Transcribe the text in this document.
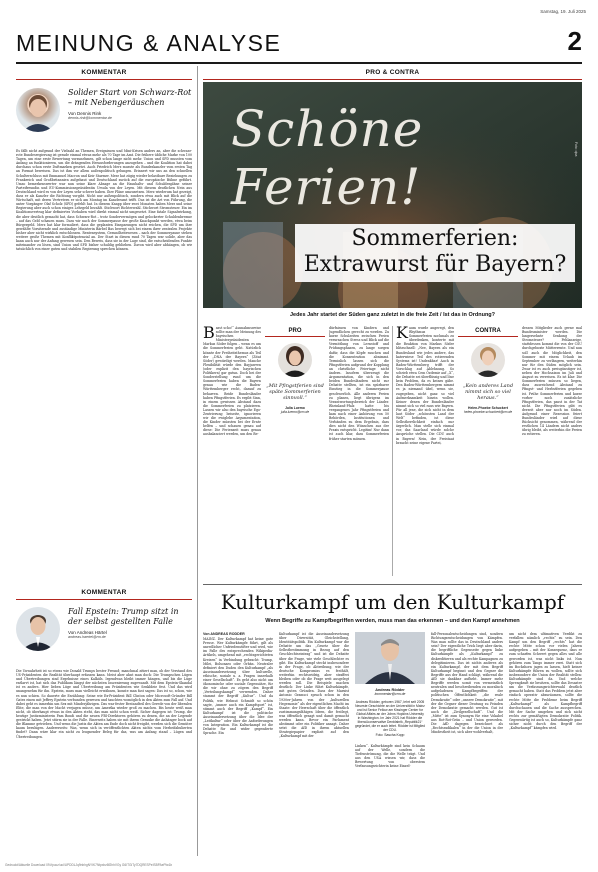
Samstag, 19. Juli 2025
MEINUNG & ANALYSE	2
KOMMENTAR
Solider Start von Schwarz-Rot – mit Nebengeräuschen
Von Dennis Rink
dennis.rink@kommentar.de
Es fällt nicht aufgrund der Vielzahl an Themen, Ereignissen und Mini-Krisen anders an, aber die schwarz-rote Bundesregierung ist gerade einmal etwas mehr als 70 Tage im Amt. Die frühere übliche Marke von 100 Tagen, um eine erste Bewertung vorzunehmen, gilt schon lange nicht mehr. Union und SPD mussten vom Anfang an funktionieren, um die drängenden Herausforderungen anzugehen – und die Koalition hat dabei durchaus schon erste Duftmarken gesetzt. Auch Friedrich Merz musste als Bundeskanzler vom ersten Tag an Format beweisen. Das ist ihm vor allem außenpolitisch gelungen. Erinnert wir uns an den schnellen Schulterschluss mit Emmanuel Macron und Keir Starmer. Merz hat zügig wieder belastbare Beziehungen zu Frankreich und Großbritannien aufgebaut und Deutschland zurück auf die europäische Bühne geführt. Umso bemerkenswerter war nun seine klare Absage an die Haushalts- und Schuldenpläne seiner Parteifreundin und EU-Kommissionspräsidentin Ursula von der Leyen. Mit diesem deutlichen Nein aus Deutschland wird es von der Leyen sehr schwer haben. Ihre Pläne umzusetzen. Merz wiederum hat gezeigt, dass er als Kanzler die Richtung vorgibt. Nicht nur außenpolitisch, sondern etwa auch mit Blick auf die Wirtschaft, mit deren Vertretern er sich am Montag im Kanzleramt trifft. Das ist die Art von Führung, die unter Vorgänger Olaf Scholz (SPD) gefehlt hat. In diesem Knapp über zwei Monaten haben Merz und seine Regierung aber auch schon einiges Lehrgeld bezahlt. Stichwort Richterwahl. Stichwort Stromsteuer. Ein im Koalitionsvertrag klar definiertes Vorhaben wird direkt einmal nicht umgesetzt. Eine fatale Signalwirkung, die aber deutlich gemacht hat, dass Schwarz-Rot – trotz Sondervermögen und gelockerter Schuldenbremse – auf das Geld schauen muss. Dass wir nach der Sommerpause der große Knackpunkt werden, etwa beim Bürgergeld. Merz hat klar formuliert, dass die geplanten Einsparungen nicht reichen, die SPD um ihre gewählte Vorsitzende und zuständige Ministerin Bärbel Bas bewegt sich bei einem ihrer zentralen Projekte bisher aber nicht wirklich entschlossen. Rentensystem, Gesundheitswesen – nach der Sommerpause stehen weitere große Themen mit Konfliktpotenzial an. Der Start in diesen rund 70 Tagen war solide, aber das kann auch nur der Anfang gewesen sein. Den Beweis, dass sie in der Lage sind, die entscheidenden Punkte miteinander zu lösen, sind Union und SPD bisher schuldig geblieben. Davon wird aber abhängen, ob wir tatsächlich von einer guten und stabilen Regierung sprechen können.
KOMMENTAR
Fall Epstein: Trump sitzt in der selbst gestellten Falle
Von Andreas Härtel
andreas.haertel@rm.de
Die Unwahrheit ist so etwas wie Donald Trumps bester Freund; manchmal zitiert man, ob der Verstand des US-Präsidenten die Realität überhaupt erfassen kann. Meist aber ahnt man doch: Die Trumpschen Lügen und Übertreibungen sind Ergebnisse eines Kalküls. Irgendwas bleibt immer hängen, und bis die Lüge entlarvt ist, hat sich das Publikum längst der nächsten Inszenierung zugewandt. Mit dem Epstein-Skandal ist es anders. Hier lieben Lüge und Übertreibung am Präsidenten wie Senkbleie fest. Und das wird unangenehm für ihn. Epstein, muss man vielleicht erwähnen, konnte man fast sagen: Das ist so, schon, wie es nun schien. So dauerte die Erzählung: Seine wie Ex-Präsident Bill Clinton oder Microsoft-Gründer Bill Gates einen mit Jeffrey Epstein verbunden gewesen und tauchten womöglich in den Akten zum Fall auf. Und dabei geht es inmerhin um Sex mit Minderjährigen. Das war fester Bestandteil des Gerede von der liberalen Elite, die man von der Macht verjagen müsse, um Amerika wieder groß zu machen. Bis heute weiß man nicht, ob überhaupt etwas in den Akten steht, das man nicht schon weiß. Sicher dagegen ist: Trump, die heutige Justizministerin Pam Bondi und die neuen FBI-Direktoren gehören zu denen, die an der Legende gestrickt haben. Jetzt stürm sie in der Falle. Einerseits haben sie mit ihrem Gerauke die Anhänger bock auf die Blamme getrieben. Und wenn die Justiz die Akten am Ende doch nicht freigibt, werden sich die Gemüter kaum beruhigen. Andererseits: Was, wenn sich in veröffentlichten Akten nichts vom Herbeifabulierten findet? Dann wäre klar ein nicht zu leugnender Beleg für das, was am Anfang stand – Lügen und Übertreibungen.
PRO & CONTRA
Schöne Ferien!
Foto: dpa
Sommerferien:
Extrawurst für Bayern?
Jedes Jahr startet der Süden ganz zuletzt in die freie Zeit / Ist das in Ordnung?
Basst scho!“ Ausnahmsweise sollte man der Meinung des bayrischen Ministerpräsidenten Markus Söder folgen – wenn es um die Sommerferien geht. Natürlich könnte der Freiheitsthemus als Teil der „DNA der Bayern“ (Zitat Söder) gewürdigt werden. Manche Flexibilität würde den Bayjawren (oder explizit den bayrischen Politikern) gar gutun. Doch bei der Sonderstellung rund um die Sommerferien haben die Bayern genau wie die Baden-Württemberger recht, darauf zu beharren. Beide Bundesländer haben Pfingstferien. Es ergibt Sinn, in einem gewissen Abstand dazu die Sommerferien zu platzieren. Lassen wir also den bayrische Ego-Zentrierung beiseite, ignorieren wir die ewiglebe Argumentation, die Kinder müssten bei der Ernte helfen – und schauen genau auf diese: Die Ferienzeit muss genau ausbalanciert werden, um den Be-
PRO
„Mit Pfingstferien sind späte Sommerferien sinnvoll.“
Julia Luemo
julia.luemo@rm.de
dürfnissen von Kindern und Jugendlichen gerecht zu werden. Zu kurze Schulzeiten zwischen Ferien verursachen Stress und Blick auf die Vermittlung von Lernstoff und Prüfungsphasen, zu lange sorgen dafür, dass die Köpfe rauchen und die Konzentration abnimmt. Terminlich lassen sich die Pfingstferien aufgrund der Kopplung an christliche Feiertage nicht ändern. Insofern überzeugt die Argumentation, die sich in den beiden Bundesländern nicht zur Debatte stellten, ist ein spürbarer Einstieg in die Sommerpause geschwerlich. Alle anderen Ferien zu planen, liegt übrigens im Verantwortungsbereich der Länder. Rheinland-Pfalz hatte bis vergangenes Jahr Pfingstferien und kam nach einer Anhörung von 50 Behörden, Institutionen und Verbänden zu dem Ergebnis, dass dies nicht den Wünschen aus der Praxis entspricht. Legitim! Nur dann ist auch klar, dass Sommerferien früher starten müssen.
Kaum wurde angeregt, den Rhythmus der Sommerferien nochmals zu überdenken, konterte mit die Reaktion von Markus Söder blitzschnell: „Nee, Bayern als ein Bundesland wie jedes andere, das katerwiese Teil des rotierenden Systems ist! Undenkbar! Auch in Baden-Württemberg trifft der Vorschlag auf Ablehnung. So schrieb etwa Cem Özdemir auf „X“, die Debatte sei überflüssig und löse kein Problem, da es keines gäbe. Den Baden-Württembergern nimmt es ja niemand übel, wenn sie, zugegeben, nicht ganz so viel Aufmerksamkeit hinein wollen. Keiner denen der Bundesländer nimmt sich so viel raus wie Bayern. Für all jene, die sich nicht in dem laut Söder „schönsten Land der Welt“ befinden, ist diese Selbstherrlichkeit einfach nur ärgerlich. Man stelle sich einmal vor, das Saarland würde solche Ansprüche stellen. Die CDU auch in Bayern! Nein, der Freistaat braucht seine eigene Partei,
CONTRA
„Kein anderes Land nimmt sich so viel heraus.“
Helen-Phoebe Schuckert
helen-phoebe.schuckert@rm.de
dessen Mitglieder auch gerne mal Bundesminister werden. Die langersehnte Senkung der Stromsteuer? Fehlanzeige, stattdessen kommt die von der CSU durchgeboxte Mütterrente. Und nun soll auch die Möglichkeit, den Sommer mit einem Urlaub im September zu verlängern, weiterhin nur für den Süden möglich sein. Zwar ist es auch preisgünstiger ist, neben der Hochsaison im Juli und August zu verreisen. Es ist klar: Die Sommerferien müssen so liegen, dass ausreichend Abstand zu Pfingst- und Herbstferien gegeben ist. Frühe Sommerferien und kurze vorher noch zusätzliche Pfingstferien, das passt in der Tat nicht. Die Pfingstferien gibt es derzeit aber nur noch im Süden. Aufgrund einer Rezession feiert Bundesländer wird auf diese Rücksicht genommen, während der restlichen 14 Ländern nicht anders übrig bleibt, als weiterhin die Ferien zu rotieren.
Kulturkampf um den Kulturkampf
Wenn Begriffe zu Kampfbegriffen werden, muss man das erkennen – und den Kampf annehmen
Von ANDREAS RÖDDER
MAINZ. Der Kulturkampf hat keine gute Presse. Wer Kulturkämpfe führt, gilt als unredlicher Unfriedenstifter und wird, wie im Falle des entsprechenden Wikipedia-Artikels, umgehend mit „rechtsgerichteten Kreisen“ in Verbindung gebracht: Trump, Milei, Bolsonaro oder Orbán. Neutraler definiert den Duden den Kulturkampf „als Auseinandersetzung über kulturelle, ethische, soziale u. a. Fragen innerhalb einer Gesellschaft“. Es geht also nicht um ökonomische oder soziale Gegensätze, für die wir ohne zu zögern den Begriff „Verteilungskampf“ verwenden. Daher stammt der Begriff „Kultur“. Und da Politik, wie Helmut Schmidt so schön sagte, „immer auch ein Kampfsport“ ist, stimmt auch der Begriff „Kampf“. Ein Kulturkampf ist die politische Auseinandersetzung über die Idee der „Leitkultur“ oder über die Anforderungen von Integration. Ein Kulturkampf ist die Debatte für und wider gegenderte Sprache. Ein
Kulturkampf ist die Auseinandersetzung über Diversität, Gleichstellung, Identitätspolitik. Ein Kulturkampf war die Debatte um das „Gesetz über die Selbstbestimmung in Bezug auf den Geschlechtseintrag“ und ist die Debatte über die Frage, wie viele Geschlechter es gibt. Ein Kulturkampf steckt insbesondere in der Frage, ob Abtreibung, wie der deutsche Kompromiss es festhält, weiterhin rechtswidrig, aber straffrei bleiben oder ob die Frage weit ausgelegt werden soll. Die Beispiele machen deutlich: Der Linke führt Kulturkämpfe, mit guten Gründen. Dass der Marxist Antonio Gramsci sprach schon in den 1930er-Jahren von der „kulturellen Hegemonie“ als der eigentlichen Macht im Staate: der Herrschaft über die öffentlich zustimmungsfähigen Ideen, die festlegt, was öffentlich gesagt und damit gemacht werden kann. Bevor ein Parlament abstimmt oder ein Politiker ansagt. Daher setzt die AfD in ihrem aktuellen Strategiepapier explizit auf den „Kulturkampf mit der
Andreas Rödder
kommentar@vrm.de
Andreas Rödder, geboren 1967, lehrt seit 2005 Neueste Geschichte an der Universität in Mainz und ist Senior Fellow am Kissinger Center for Global Affairs an der Johns Hopkins University in Washington. Im Jahr 2021 hat Rödder die liberal-konservative Denkfabrik „Republik21“ gegründet, die er auch leitet. Rödder ist Mitglied der CDU.
Foto: Sascha Kopp
Linken“. Kulturkämpfe sind kein Schaum auf der Welle, sondern die Tiefenströmung, die die Welle trägt. Und aus den USA wissen wir, dass die Bewertung von oberstem Verfassungsrichterin keine Einzel-
fall-Personalentscheidungen sind, sondern Richtungsentscheidungen von Kämpfen. Was man sollte das in Deutschland anders sein? Der eigentliche Trick liegt aber darin, die begriffliche Gegenseite gegen linke Kulturkämpfe als „Kulturkampf“ zu diskreditieren und als rechte Kampagnen zu delegitimieren. Das ist nichts anderes als ein Kulturkampf, der mit dem Begriff Kulturkampf beginnt und den Gegner die Begriffe aus der Hand schlägt, während die AfD sie dankbar aufhebt. Immer mehr Begriffe werden somit von vermeintlich neutralen und beschreibenden zu moralisch aufgeladenen Kampfbegriffen: der politischen Öffentlichkeit „die reale Demokratie“ oder „unsere Demokratie“, mit der die Gegner dieser Deutung zu Feinden der Demokratie gemacht werden. Gut ist auch die „Zivilgesellschaft“. Und die „Mitte“ ist zum Synonym für eine Vokabel aus Rot-Rot-Grün – und Union geworden. Die AfD dagegen bezeichnet als „Rechtsradikalen“ in der die Union in der Mindestheit ist, sich aber wohlverhalt,
um nicht dem ultimativen Verdikt zu verfallen: nämlich „rechts“ zu sein. Den Kampf um den Begriff „rechts“ hat die rechte Mitte schon vor vielen Jahren aufgegeben – mit der Konsequenz, dass er zum scharfen Schwert gegen alles und alle geworden ist, was nicht links ist. Nun gehören zum Tango immer zwei. Statt sich im Bockshorn jagen zu lassen, hielt keiner Kulturkämpfe führen zu wollen, sollte sich insbesondere die Union der Realität stellen: Kulturkämpfe sind da. Und welche Sprengkraft sie besitzen, sollte das Desaster um die Verfassungsrichterwahl deutlich gemacht haben. Statt das Problem jetzt aber einfach operativ abzuräumen, sollte die rechte Mitte die Probleme beim Begriff „Kulturkampf“ als Kampfbegriff durchschauen und die Sache aussprechen. Mit der Sache umgehen und sich nicht rechts zur gemäßigten Demokratie Politik. Gegenwärtig ist auch so, Kulturkämpfe ganz sicher nicht durch den Begriff der „Kulturkampf“ kämpfen wird.
Gedruckt/Aktuelle Download 09.ifpucz/ucl/UPDDLJq9nbhgNYIK7Ntpxbz8f2hhVGy G6ITGiTy7DQRESPeISBPAePlw1b
